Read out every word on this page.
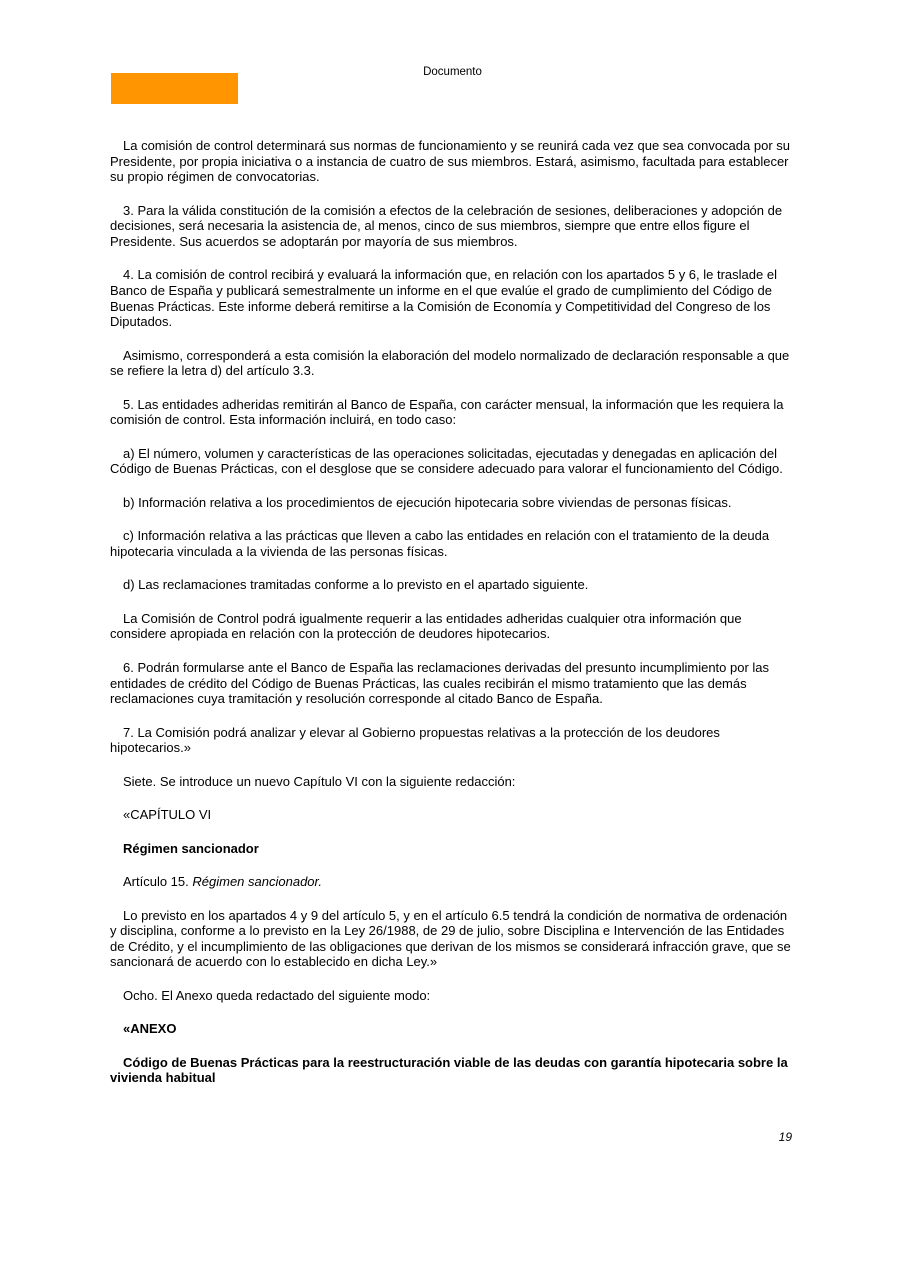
Documento

La comisión de control determinará sus normas de funcionamiento y se reunirá cada vez que sea convocada por su Presidente, por propia iniciativa o a instancia de cuatro de sus miembros. Estará, asimismo, facultada para establecer su propio régimen de convocatorias.

3. Para la válida constitución de la comisión a efectos de la celebración de sesiones, deliberaciones y adopción de decisiones, será necesaria la asistencia de, al menos, cinco de sus miembros, siempre que entre ellos figure el Presidente. Sus acuerdos se adoptarán por mayoría de sus miembros.

4. La comisión de control recibirá y evaluará la información que, en relación con los apartados 5 y 6, le traslade el Banco de España y publicará semestralmente un informe en el que evalúe el grado de cumplimiento del Código de Buenas Prácticas. Este informe deberá remitirse a la Comisión de Economía y Competitividad del Congreso de los Diputados.

Asimismo, corresponderá a esta comisión la elaboración del modelo normalizado de declaración responsable a que se refiere la letra d) del artículo 3.3.

5. Las entidades adheridas remitirán al Banco de España, con carácter mensual, la información que les requiera la comisión de control. Esta información incluirá, en todo caso:

a) El número, volumen y características de las operaciones solicitadas, ejecutadas y denegadas en aplicación del Código de Buenas Prácticas, con el desglose que se considere adecuado para valorar el funcionamiento del Código.

b) Información relativa a los procedimientos de ejecución hipotecaria sobre viviendas de personas físicas.

c) Información relativa a las prácticas que lleven a cabo las entidades en relación con el tratamiento de la deuda hipotecaria vinculada a la vivienda de las personas físicas.

d) Las reclamaciones tramitadas conforme a lo previsto en el apartado siguiente.

La Comisión de Control podrá igualmente requerir a las entidades adheridas cualquier otra información que considere apropiada en relación con la protección de deudores hipotecarios.

6. Podrán formularse ante el Banco de España las reclamaciones derivadas del presunto incumplimiento por las entidades de crédito del Código de Buenas Prácticas, las cuales recibirán el mismo tratamiento que las demás reclamaciones cuya tramitación y resolución corresponde al citado Banco de España.

7. La Comisión podrá analizar y elevar al Gobierno propuestas relativas a la protección de los deudores hipotecarios.»

Siete. Se introduce un nuevo Capítulo VI con la siguiente redacción:

«CAPÍTULO VI

Régimen sancionador

Artículo 15. Régimen sancionador.

Lo previsto en los apartados 4 y 9 del artículo 5, y en el artículo 6.5 tendrá la condición de normativa de ordenación y disciplina, conforme a lo previsto en la Ley 26/1988, de 29 de julio, sobre Disciplina e Intervención de las Entidades de Crédito, y el incumplimiento de las obligaciones que derivan de los mismos se considerará infracción grave, que se sancionará de acuerdo con lo establecido en dicha Ley.»

Ocho. El Anexo queda redactado del siguiente modo:

«ANEXO

Código de Buenas Prácticas para la reestructuración viable de las deudas con garantía hipotecaria sobre la vivienda habitual

19
